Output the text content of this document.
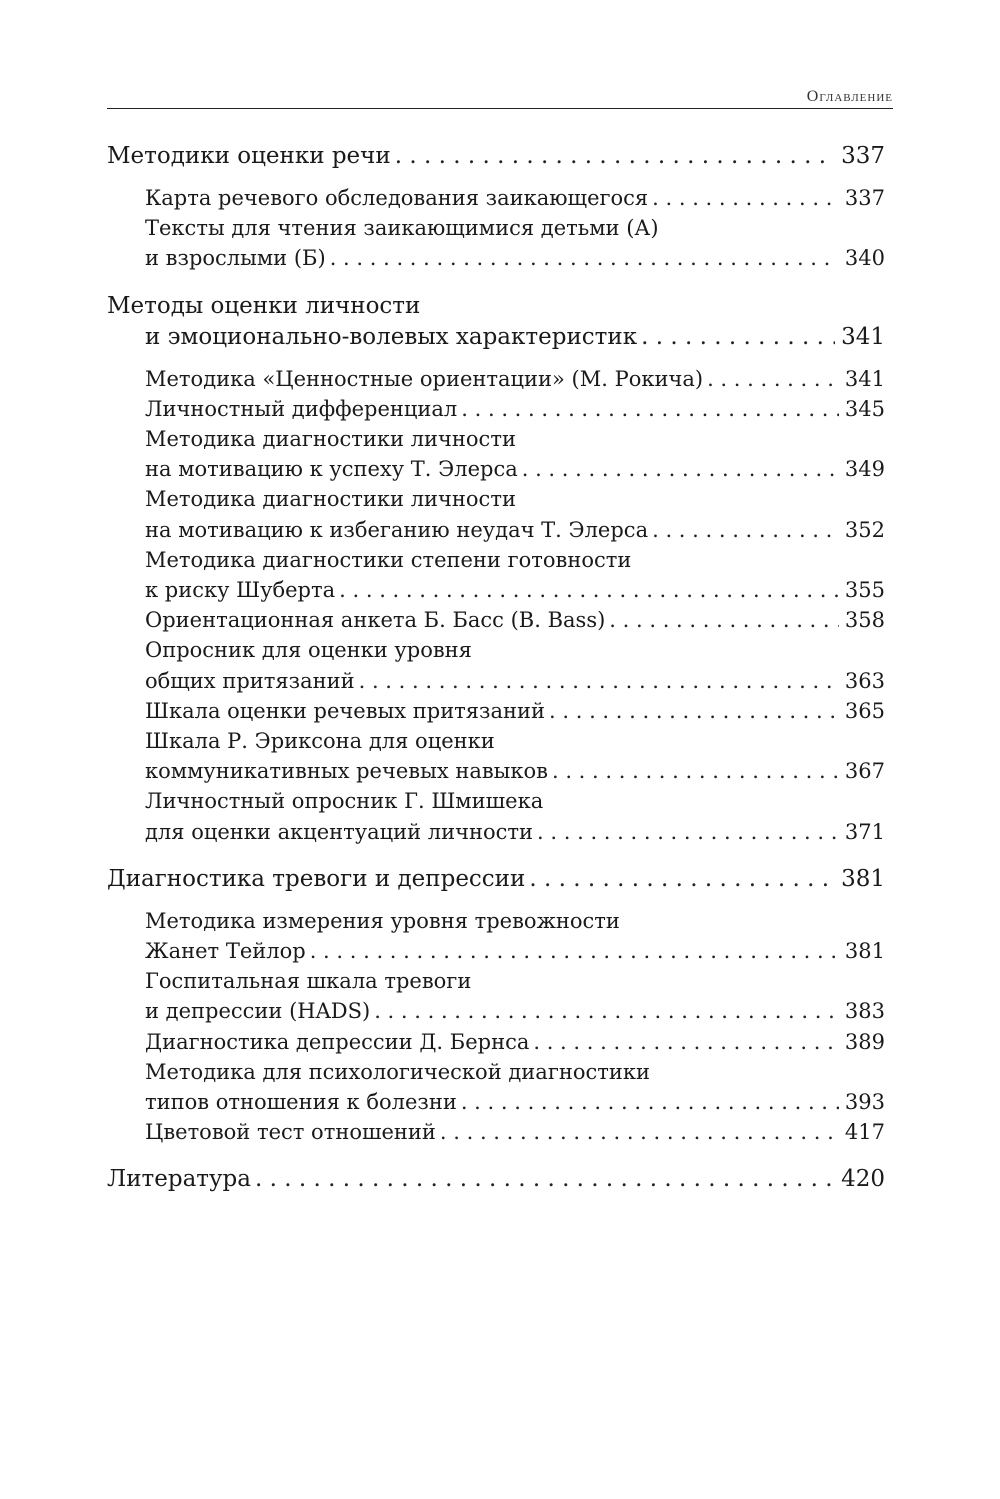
Оглавление
Методики оценки речи . . .	337
Карта речевого обследования заикающегося . . .	337
Тексты для чтения заикающимися детьми (А)
и взрослыми (Б) . . .	340
Методы оценки личности
и эмоционально-волевых характеристик . . .	341
Методика «Ценностные ориентации» (М. Рокича) . . .	341
Личностный дифференциал . . .	345
Методика диагностики личности
на мотивацию к успеху Т. Элерса . . .	349
Методика диагностики личности
на мотивацию к избеганию неудач Т. Элерса . . .	352
Методика диагностики степени готовности
к риску Шуберта . . .	355
Ориентационная анкета Б. Басс (B. Bass) . . .	358
Опросник для оценки уровня
общих притязаний . . .	363
Шкала оценки речевых притязаний . . .	365
Шкала Р. Эриксона для оценки
коммуникативных речевых навыков . . .	367
Личностный опросник Г. Шмишека
для оценки акцентуаций личности . . .	371
Диагностика тревоги и депрессии . . .	381
Методика измерения уровня тревожности
Жанет Тейлор . . .	381
Госпитальная шкала тревоги
и депрессии (HADS) . . .	383
Диагностика депрессии Д. Бернса . . .	389
Методика для психологической диагностики
типов отношения к болезни . . .	393
Цветовой тест отношений . . .	417
Литература . . .	420
